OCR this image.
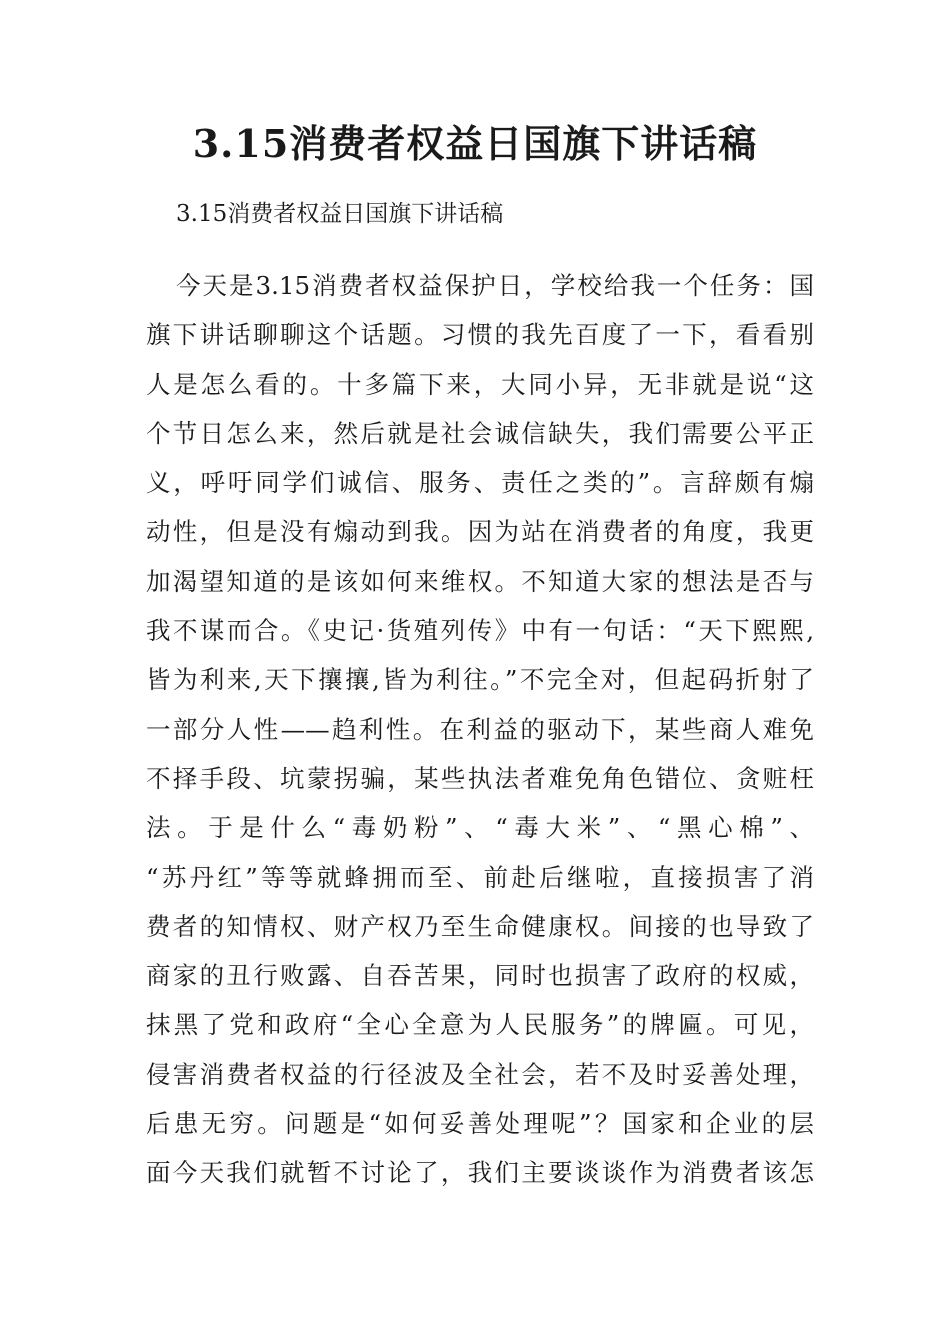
3.15消费者权益日国旗下讲话稿

3.15消费者权益日国旗下讲话稿

今天是3.15消费者权益保护日，学校给我一个任务：国
旗下讲话聊聊这个话题。习惯的我先百度了一下，看看别
人是怎么看的。十多篇下来，大同小异，无非就是说“这
个节日怎么来，然后就是社会诚信缺失，我们需要公平正
义，呼吁同学们诚信、服务、责任之类的”。言辞颇有煽
动性，但是没有煽动到我。因为站在消费者的角度，我更
加渴望知道的是该如何来维权。不知道大家的想法是否与
我不谋而合。《史记·货殖列传》中有一句话：“天下熙熙,
皆为利来,天下攘攘,皆为利往。”不完全对，但起码折射了
一部分人性——趋利性。在利益的驱动下，某些商人难免
不择手段、坑蒙拐骗，某些执法者难免角色错位、贪赃枉
法。于是什么“毒奶粉”、“毒大米”、“黑心棉”、
“苏丹红”等等就蜂拥而至、前赴后继啦，直接损害了消
费者的知情权、财产权乃至生命健康权。间接的也导致了
商家的丑行败露、自吞苦果，同时也损害了政府的权威，
抹黑了党和政府“全心全意为人民服务”的牌匾。可见，
侵害消费者权益的行径波及全社会，若不及时妥善处理，
后患无穷。问题是“如何妥善处理呢”？国家和企业的层
面今天我们就暂不讨论了，我们主要谈谈作为消费者该怎
